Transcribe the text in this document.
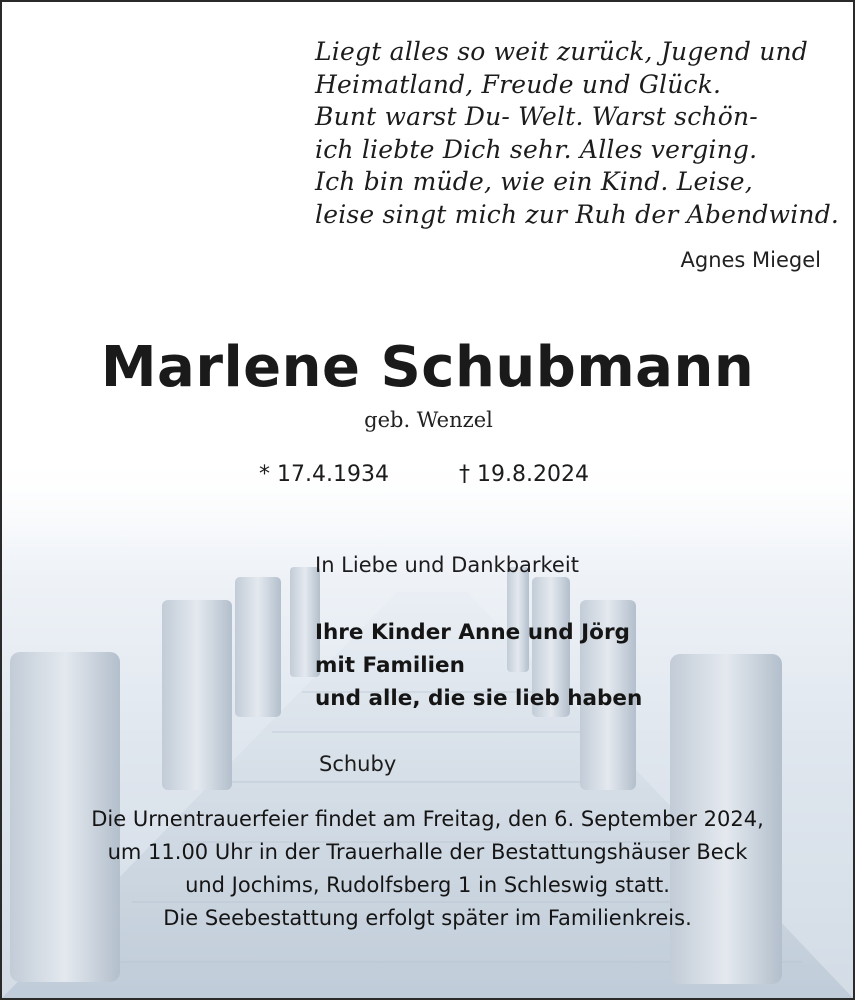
Liegt alles so weit zurück, Jugend und
Heimatland, Freude und Glück.
Bunt warst Du- Welt. Warst schön-
ich liebte Dich sehr. Alles verging.
Ich bin müde, wie ein Kind. Leise,
leise singt mich zur Ruh der Abendwind.
Agnes Miegel
Marlene Schubmann
geb. Wenzel
* 17.4.1934	† 19.8.2024
In Liebe und Dankbarkeit
Ihre Kinder Anne und Jörg
mit Familien
und alle, die sie lieb haben
Schuby
Die Urnentrauerfeier findet am Freitag, den 6. September 2024,
um 11.00 Uhr in der Trauerhalle der Bestattungshäuser Beck
und Jochims, Rudolfsberg 1 in Schleswig statt.
Die Seebestattung erfolgt später im Familienkreis.
